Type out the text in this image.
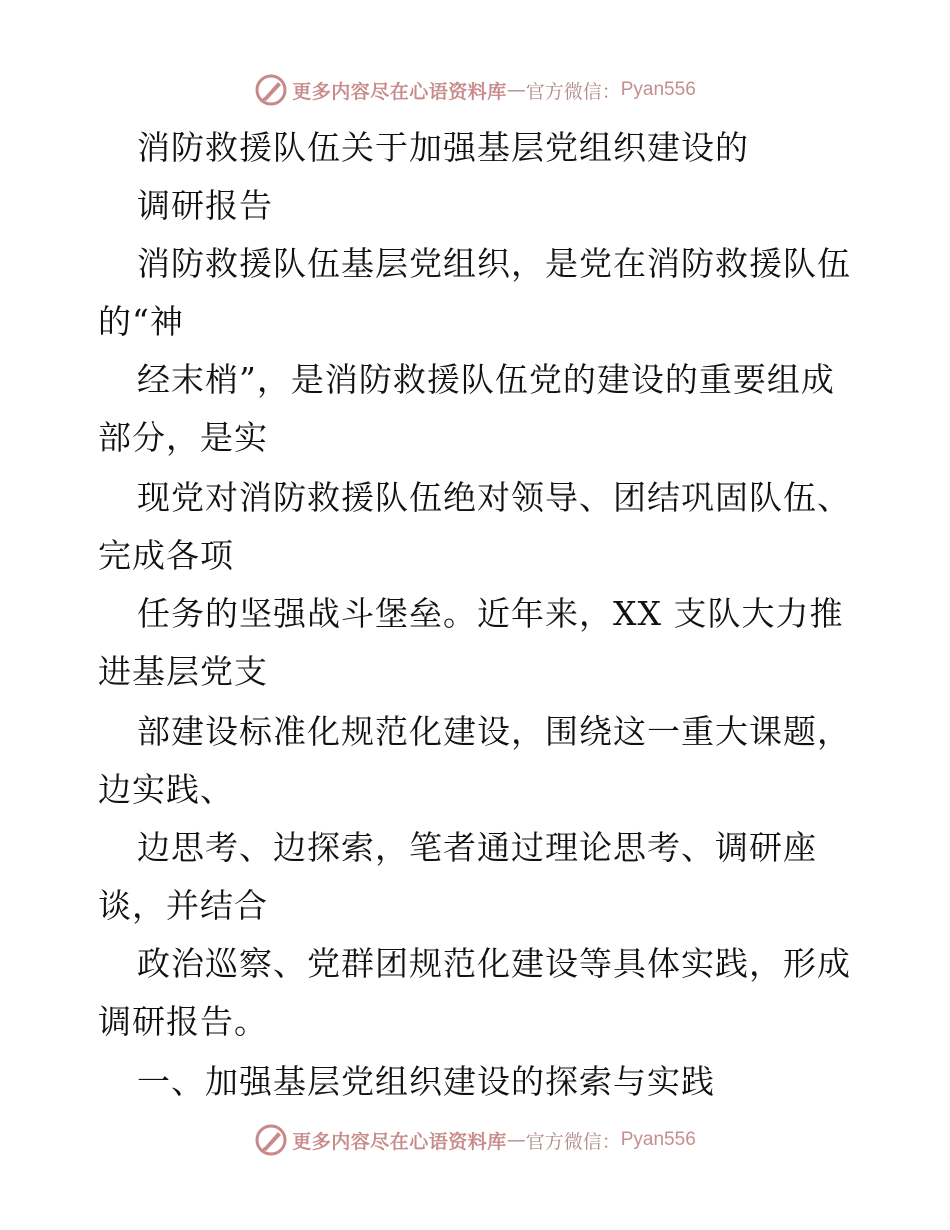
更多内容尽在心语资料库 — 官方微信： Pyan556
消防救援队伍关于加强基层党组织建设的
调研报告
消防救援队伍基层党组织，是党在消防救援队伍
的“神
经末梢”，是消防救援队伍党的建设的重要组成
部分，是实
现党对消防救援队伍绝对领导、团结巩固队伍、
完成各项
任务的坚强战斗堡垒。近年来，XX 支队大力推
进基层党支
部建设标准化规范化建设，围绕这一重大课题，
边实践、
边思考、边探索，笔者通过理论思考、调研座
谈，并结合
政治巡察、党群团规范化建设等具体实践，形成
调研报告。
一、加强基层党组织建设的探索与实践
更多内容尽在心语资料库 — 官方微信： Pyan556
